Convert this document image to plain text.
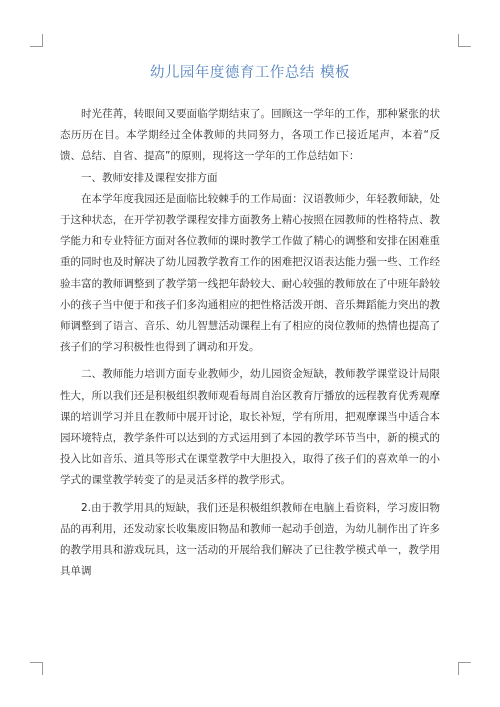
幼儿园年度德育工作总结 模板

时光荏苒，转眼间又要面临学期结束了。回顾这一学年的工作，那种紧张的状态历历在目。本学期经过全体教师的共同努力，各项工作已接近尾声，本着“反馈、总结、自省、提高”的原则，现将这一学年的工作总结如下：

一、教师安排及课程安排方面

在本学年度我园还是面临比较棘手的工作局面：汉语教师少，年轻教师缺，处于这种状态，在开学初教学课程安排方面教务上精心按照在园教师的性格特点、教学能力和专业特征方面对各位教师的课时教学工作做了精心的调整和安排在困难重重的同时也及时解决了幼儿园教学教育工作的困难把汉语表达能力强一些、工作经验丰富的教师调整到了教学第一线把年龄较大、耐心较强的教师放在了中班年龄较小的孩子当中便于和孩子们多沟通相应的把性格活泼开朗、音乐舞蹈能力突出的教师调整到了语言、音乐、幼儿智慧活动课程上有了相应的岗位教师的热情也提高了孩子们的学习积极性也得到了调动和开发。

二、教师能力培训方面专业教师少，幼儿园资金短缺，教师教学课堂设计局限性大，所以我们还是积极组织教师观看每周自治区教育厅播放的远程教育优秀观摩课的培训学习并且在教师中展开讨论，取长补短，学有所用，把观摩课当中适合本园环境特点，教学条件可以达到的方式运用到了本园的教学环节当中，新的模式的投入比如音乐、道具等形式在课堂教学中大胆投入，取得了孩子们的喜欢单一的小学式的课堂教学转变了的是灵活多样的教学形式。

2.由于教学用具的短缺，我们还是积极组织教师在电脑上看资料，学习废旧物品的再利用，还发动家长收集废旧物品和教师一起动手创造，为幼儿制作出了许多的教学用具和游戏玩具，这一活动的开展给我们解决了已往教学模式单一，教学用具单调
